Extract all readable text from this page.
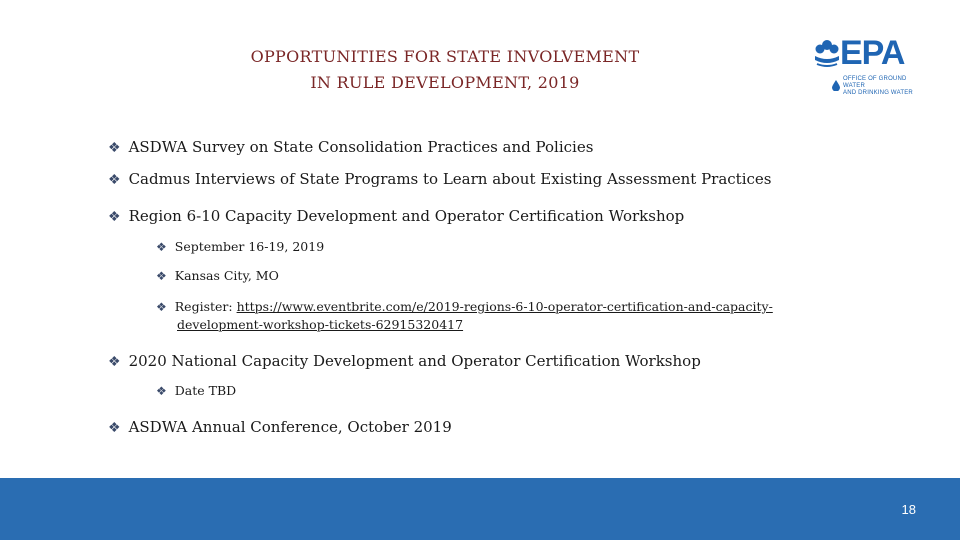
OPPORTUNITIES FOR STATE INVOLVEMENT
IN RULE DEVELOPMENT, 2019
EPA
OFFICE OF GROUND WATER
AND DRINKING WATER
❖ ASDWA Survey on State Consolidation Practices and Policies
❖ Cadmus Interviews of State Programs to Learn about Existing Assessment Practices
❖ Region 6-10 Capacity Development and Operator Certification Workshop
❖ September 16-19, 2019
❖ Kansas City, MO
❖ Register: https://www.eventbrite.com/e/2019-regions-6-10-operator-certification-and-capacity-
development-workshop-tickets-62915320417
❖ 2020 National Capacity Development and Operator Certification Workshop
❖ Date TBD
❖ ASDWA Annual Conference, October 2019
18
